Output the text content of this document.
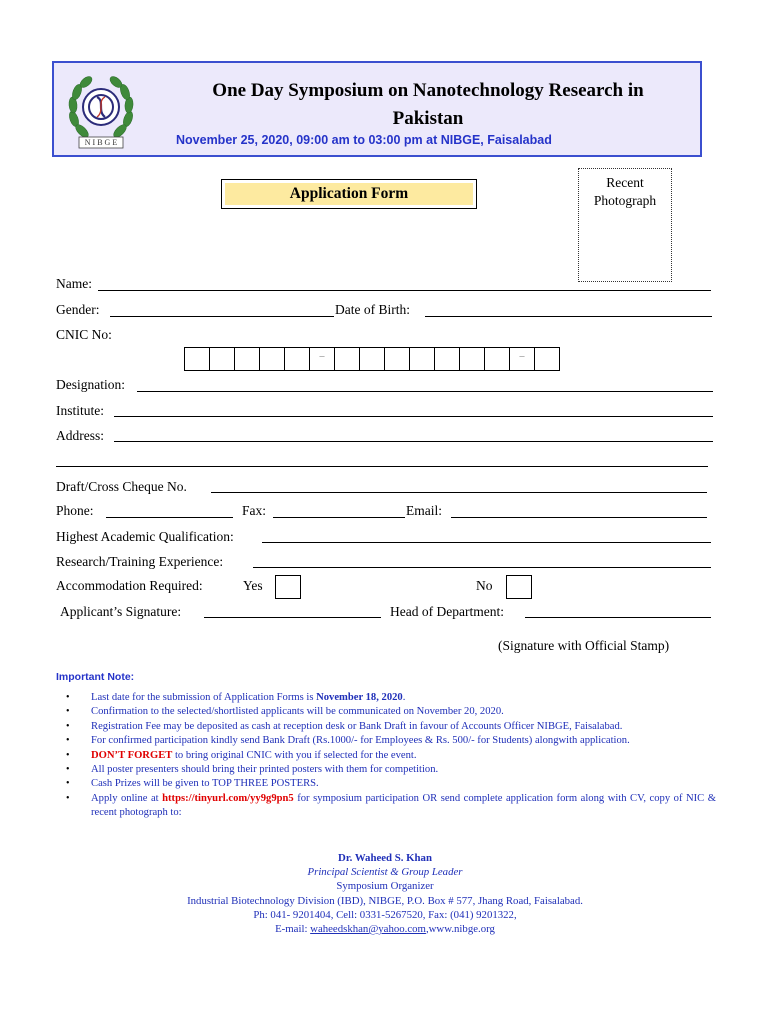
N I B G E
One Day Symposium on Nanotechnology Research in
Pakistan
November 25, 2020, 09:00 am to 03:00 pm at NIBGE, Faisalabad
Application Form
Recent
Photograph
Name:
Gender:	Date of Birth:
CNIC No:
–	–
Designation:
Institute:
Address:
Draft/Cross Cheque No.
Phone:	Fax:	Email:
Highest Academic Qualification:
Research/Training Experience:
Accommodation Required:	Yes	No
Applicant’s Signature:	Head of Department:
(Signature with Official Stamp)
Important Note:
• Last date for the submission of Application Forms is November 18, 2020.
• Confirmation to the selected/shortlisted applicants will be communicated on November 20, 2020.
• Registration Fee may be deposited as cash at reception desk or Bank Draft in favour of Accounts Officer NIBGE, Faisalabad.
• For confirmed participation kindly send Bank Draft (Rs.1000/- for Employees & Rs. 500/- for Students) alongwith application.
• DON’T FORGET to bring original CNIC with you if selected for the event.
• All poster presenters should bring their printed posters with them for competition.
• Cash Prizes will be given to TOP THREE POSTERS.
• Apply online at https://tinyurl.com/yy9g9pn5 for symposium participation OR send complete application form along with CV, copy of NIC & recent photograph to:
Dr. Waheed S. Khan
Principal Scientist & Group Leader
Symposium Organizer
Industrial Biotechnology Division (IBD), NIBGE, P.O. Box # 577, Jhang Road, Faisalabad.
Ph: 041- 9201404, Cell: 0331-5267520, Fax: (041) 9201322,
E-mail: waheedskhan@yahoo.com,www.nibge.org
